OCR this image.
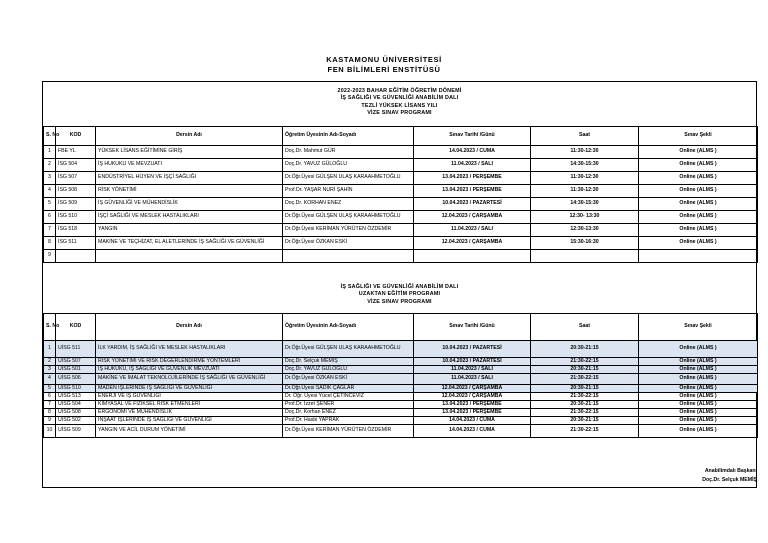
KASTAMONU ÜNİVERSİTESİ
FEN BİLİMLERİ ENSTİTÜSÜ
2022-2023 BAHAR EĞİTİM ÖĞRETİM DÖNEMİ
İŞ SAĞLIĞI VE GÜVENLİĞİ ANABİLİM DALI
TEZLİ YÜKSEK LİSANS YILI
VİZE SINAV PROGRAMI
S. No	KOD	Dersin Adı	Öğretim Üyesinin Adı-Soyadı	Sınav Tarihi /Günü	Saat	Sınav Şekli
1	FBE YL	YÜKSEK LİSANS EĞİTİMİNE GİRİŞ	Doç.Dr. Mahmut GÜR	14.04.2023 / CUMA	11:30-12:30	Online (ALMS )
2	İSG 504	İŞ HUKUKU VE MEVZUATI	Doç.Dr. YAVUZ GÜLOĞLU	11.04.2023 / SALI	14:30-15:30	Online (ALMS )
3	İSG 507	ENDÜSTRİYEL HİJYEN VE İŞÇİ SAĞLIĞI	Dr.Öğr.Üyesi GÜLŞEN ULAŞ KARAAHMETOĞLU	13.04.2023 / PERŞEMBE	11:30-12:30	Online (ALMS )
4	İSG 508	RİSK YÖNETİMİ	Prof.Dr. YAŞAR NURİ ŞAHİN	13.04.2023 / PERŞEMBE	11:30-12:30	Online (ALMS )
5	İSG 509	İŞ GÜVENLİĞİ VE MÜHENDİSLİK	Doç.Dr. KORHAN ENEZ	10.04.2023 / PAZARTESİ	14:30-15:30	Online (ALMS )
6	İSG 510	İŞÇİ SAĞLIĞI VE MESLEK HASTALIKLARI	Dr.Öğr.Üyesi GÜLŞEN ULAŞ KARAAHMETOĞLU	12.04.2023 / ÇARŞAMBA	12:30- 13:30	Online (ALMS )
7	İSG 518	YANGIN	Dr.Öğr.Üyesi KERİMAN YÜRÜTEN ÖZDEMİR	11.04.2023 / SALI	12:30-13:30	Online (ALMS )
8	İSG 511	MAKİNE VE TEÇHİZAT, EL ALETLERİNDE İŞ SAĞLIĞI VE GÜVENLİĞİ	Dr.Öğr.Üyesi ÖZKAN ESKİ	12.04.2023 / ÇARŞAMBA	15:30-16:30	Online (ALMS )
9						
İŞ SAĞLIĞI VE GÜVENLİĞİ ANABİLİM DALI
UZAKTAN EĞİTİM PROGRAMI
VİZE SINAV PROGRAMI
S. No	KOD	Dersin Adı	Öğretim Üyesinin Adı-Soyadı	Sınav Tarihi /Günü	Saat	Sınav Şekli
1	UİSG 511	İLK YARDIM, İŞ SAĞLIĞI VE MESLEK HASTALIKLARI	Dr.Öğr.Üyesi GÜLŞEN ULAŞ KARAAHMETOĞLU	10.04.2023 / PAZARTESİ	20:30-21:15	Online (ALMS )
2	UİSG 507	RİSK YÖNETİMİ VE RİSK DEĞERLENDİRME YÖNTEMLERİ	Doç.Dr. Selçuk MEMİŞ	10.04.2023 / PAZARTESİ	21:30-22:15	Online (ALMS )
3	UİSG 501	İŞ HUKUKU, İŞ SAĞLIĞI VE GÜVENLİK MEVZUATI	Doç.Dr. YAVUZ GÜLOĞLU	11.04.2023 / SALI	20:30-21:15	Online (ALMS )
4	UİSG 506	MAKİNE VE İMALAT TEKNOLOJİLERİNDE İŞ SAĞLIĞI VE GÜVENLİĞİ	Dr.Öğr.Üyesi ÖZKAN ESKİ	11.04.2023 / SALI	21:30-22:15	Online (ALMS )
5	UİSG 510	MADEN İŞLERİNDE İŞ SAĞLIĞI VE GÜVENLİĞİ	Dr.Öğr.Üyesi SADIK ÇAĞLAR	12.04.2023 / ÇARŞAMBA	20:30-21:15	Online (ALMS )
6	UİSG 513	ENERJİ VE İŞ GÜVENLİĞİ	Dr. Öğr. Üyesi Yücel ÇETİNCEVİZ	12.04.2023 / ÇARŞAMBA	21:30-22:15	Online (ALMS )
7	UİSG 504	KİMYASAL VE FİZİKSEL RİSK ETMENLERİ	Prof.Dr. İzzet ŞENER	13.04.2023 / PERŞEMBE	20:30-21:15	Online (ALMS )
8	UİSG 508	ERGONOMİ VE MÜHENDİSLİK	Doç.Dr. Korhan ENEZ	13.04.2023 / PERŞEMBE	21:30-22:15	Online (ALMS )
9	UİSG 502	İNŞAAT İŞLERİNDE İŞ SAĞLIĞI VE GÜVENLİĞİ	Prof.Dr. Hasbi YAPRAK	14.04.2023 / CUMA	20:30-21:15	Online (ALMS )
10	UİSG 509	YANGIN VE ACİL DURUM YÖNETİMİ	Dr.Öğr.Üyesi KERİMAN YÜRÜTEN ÖZDEMİR	14.04.2023 / CUMA	21:30-22:15	Online (ALMS )
Anabilimdalı Başkanı
Doç.Dr. Selçuk MEMİŞ
